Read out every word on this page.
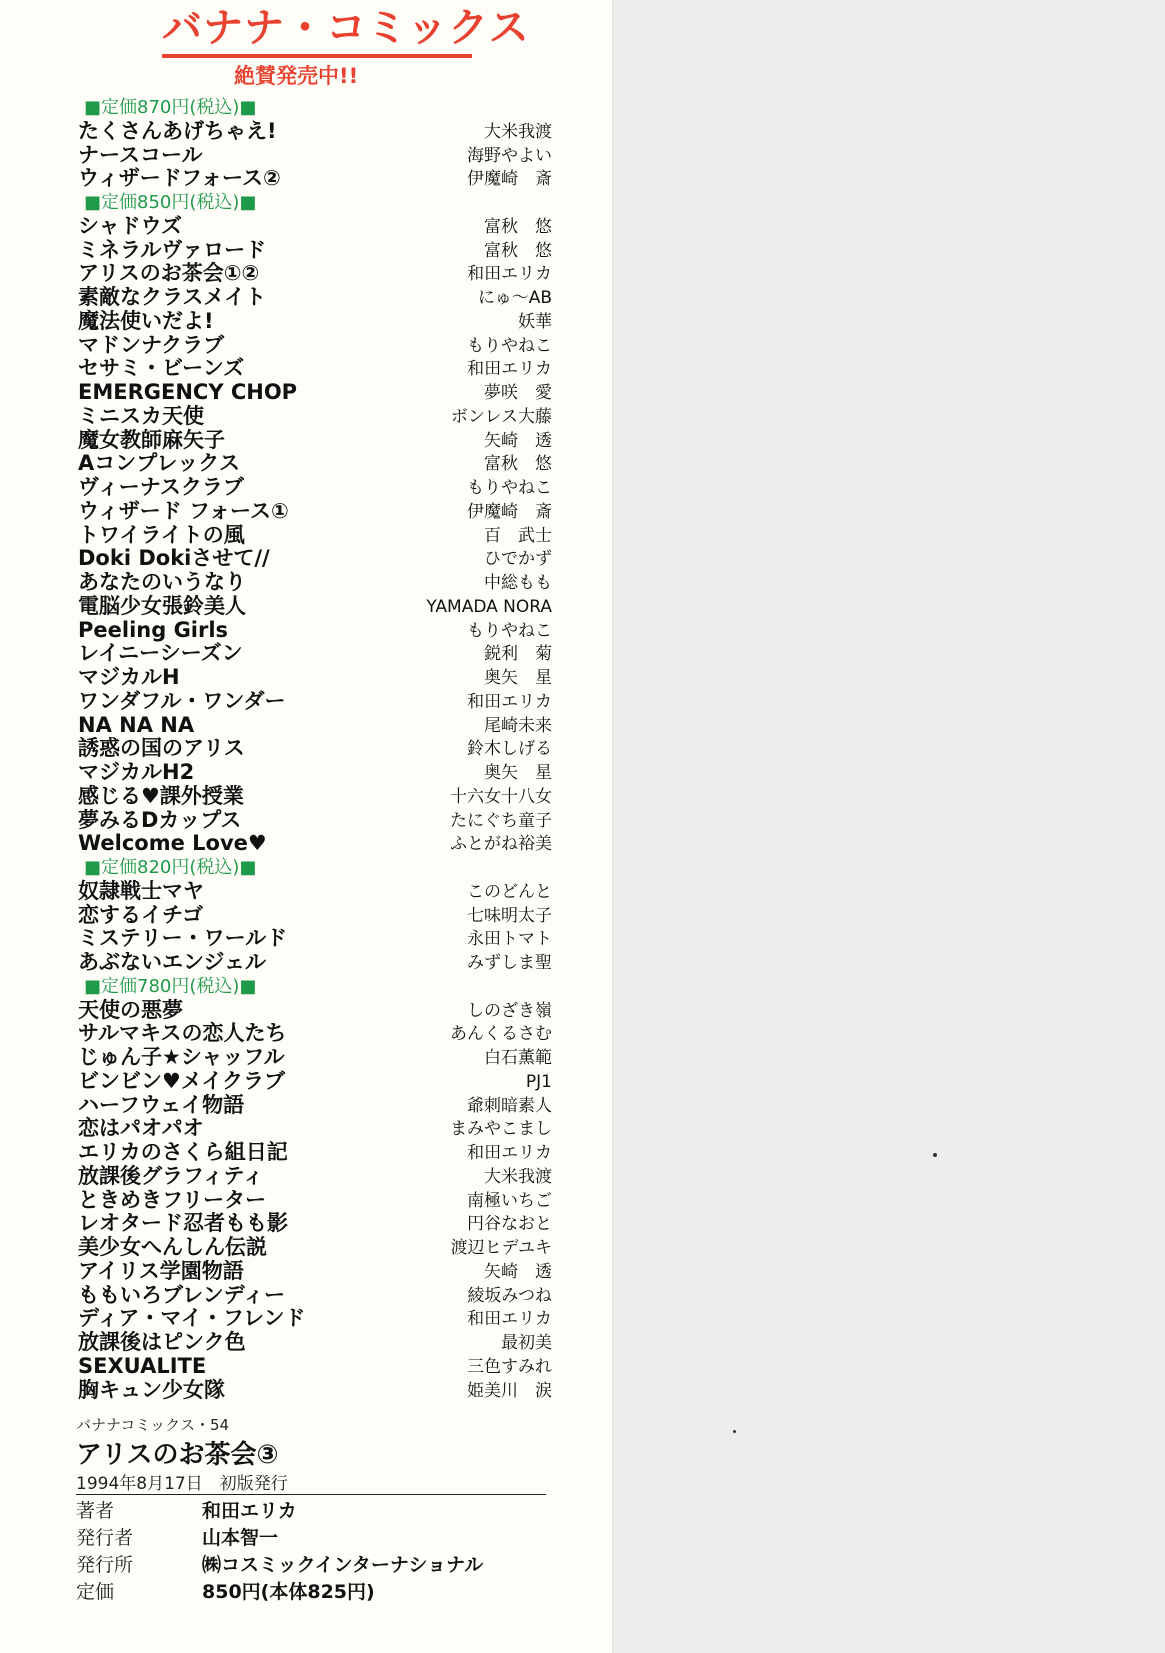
バナナ・コミックス
絶賛発売中!!
■定価870円(税込)■
たくさんあげちゃえ!	大米我渡
ナースコール	海野やよい
ウィザードフォース②	伊魔崎　斎
■定価850円(税込)■
シャドウズ	富秋　悠
ミネラルヴァロード	富秋　悠
アリスのお茶会①②	和田エリカ
素敵なクラスメイト	にゅ〜AB
魔法使いだよ!	妖華
マドンナクラブ	もりやねこ
セサミ・ビーンズ	和田エリカ
EMERGENCY CHOP	夢咲　愛
ミニスカ天使	ボンレス大藤
魔女教師麻矢子	矢崎　透
Aコンプレックス	富秋　悠
ヴィーナスクラブ	もりやねこ
ウィザード フォース①	伊魔崎　斎
トワイライトの風	百　武士
Doki Dokiさせて//	ひでかず
あなたのいうなり	中総もも
電脳少女張鈴美人	YAMADA NORA
Peeling Girls	もりやねこ
レイニーシーズン	鋭利　菊
マジカルH	奥矢　星
ワンダフル・ワンダー	和田エリカ
NA NA NA	尾崎未来
誘惑の国のアリス	鈴木しげる
マジカルH2	奥矢　星
感じる♥課外授業	十六女十八女
夢みるDカップス	たにぐち童子
Welcome Love♥	ふとがね裕美
■定価820円(税込)■
奴隷戦士マヤ	このどんと
恋するイチゴ	七味明太子
ミステリー・ワールド	永田トマト
あぶないエンジェル	みずしま聖
■定価780円(税込)■
天使の悪夢	しのざき嶺
サルマキスの恋人たち	あんくるさむ
じゅん子★シャッフル	白石薫範
ビンビン♥メイクラブ	PJ1
ハーフウェイ物語	爺刺暗素人
恋はパオパオ	まみやこまし
エリカのさくら組日記	和田エリカ
放課後グラフィティ	大米我渡
ときめきフリーター	南極いちご
レオタード忍者もも影	円谷なおと
美少女へんしん伝説	渡辺ヒデユキ
アイリス学園物語	矢崎　透
ももいろブレンディー	綾坂みつね
ディア・マイ・フレンド	和田エリカ
放課後はピンク色	最初美
SEXUALITE	三色すみれ
胸キュン少女隊	姫美川　涙
バナナコミックス・54
アリスのお茶会③
1994年8月17日　初版発行
著者	和田エリカ
発行者	山本智一
発行所	㈱コスミックインターナショナル
定価	850円(本体825円)
